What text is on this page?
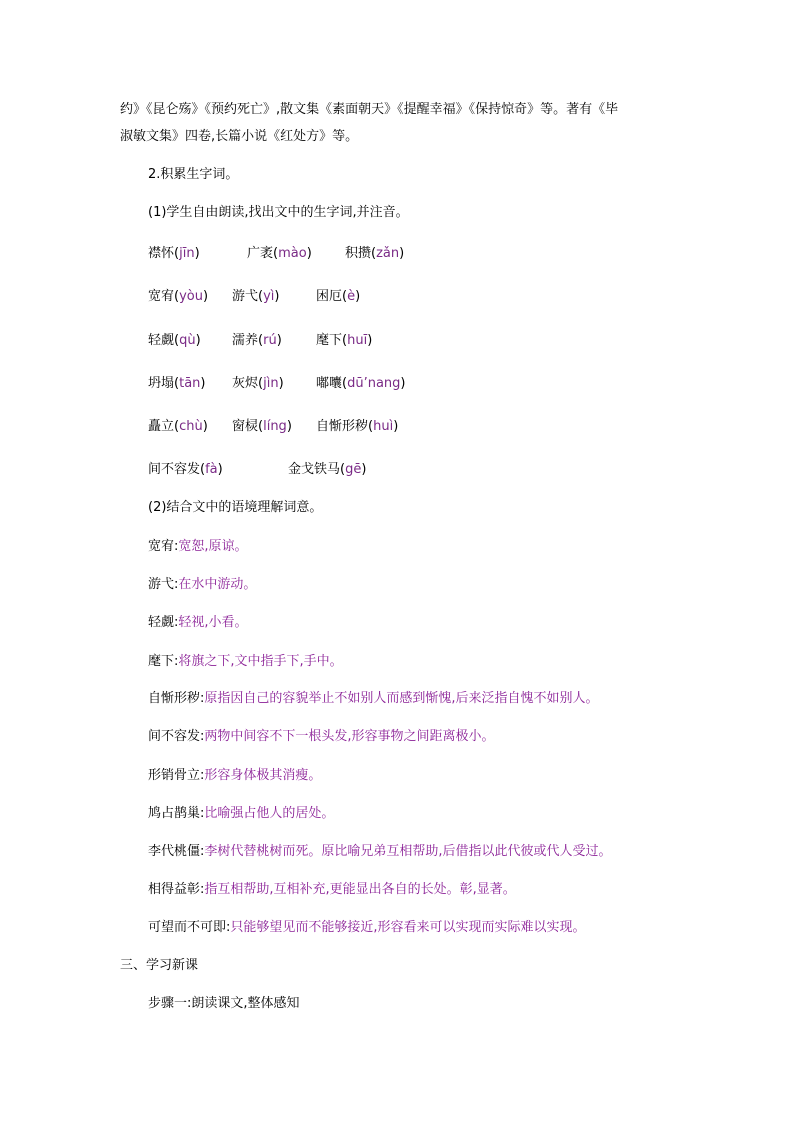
约》《昆仑殇》《预约死亡》,散文集《素面朝天》《提醒幸福》《保持惊奇》等。著有《毕
淑敏文集》四卷,长篇小说《红处方》等。
2.积累生字词。
(1)学生自由朗读,找出文中的生字词,并注音。
襟怀(jīn)	广袤(mào)	积攒(zǎn)
宽宥(yòu) 游弋(yì)	困厄(è)
轻觑(qù) 濡养(rú)	麾下(huī)
坍塌(tān) 灰烬(jìn) 嘟囔(dū’nang)
矗立(chù) 窗棂(líng) 自惭形秽(huì)
间不容发(fà)	金戈铁马(gē)
(2)结合文中的语境理解词意。
宽宥:宽恕,原谅。
游弋:在水中游动。
轻觑:轻视,小看。
麾下:将旗之下,文中指手下,手中。
自惭形秽:原指因自己的容貌举止不如别人而感到惭愧,后来泛指自愧不如别人。
间不容发:两物中间容不下一根头发,形容事物之间距离极小。
形销骨立:形容身体极其消瘦。
鸠占鹊巢:比喻强占他人的居处。
李代桃僵:李树代替桃树而死。原比喻兄弟互相帮助,后借指以此代彼或代人受过。
相得益彰:指互相帮助,互相补充,更能显出各自的长处。彰,显著。
可望而不可即:只能够望见而不能够接近,形容看来可以实现而实际难以实现。
三、学习新课
步骤一:朗读课文,整体感知
